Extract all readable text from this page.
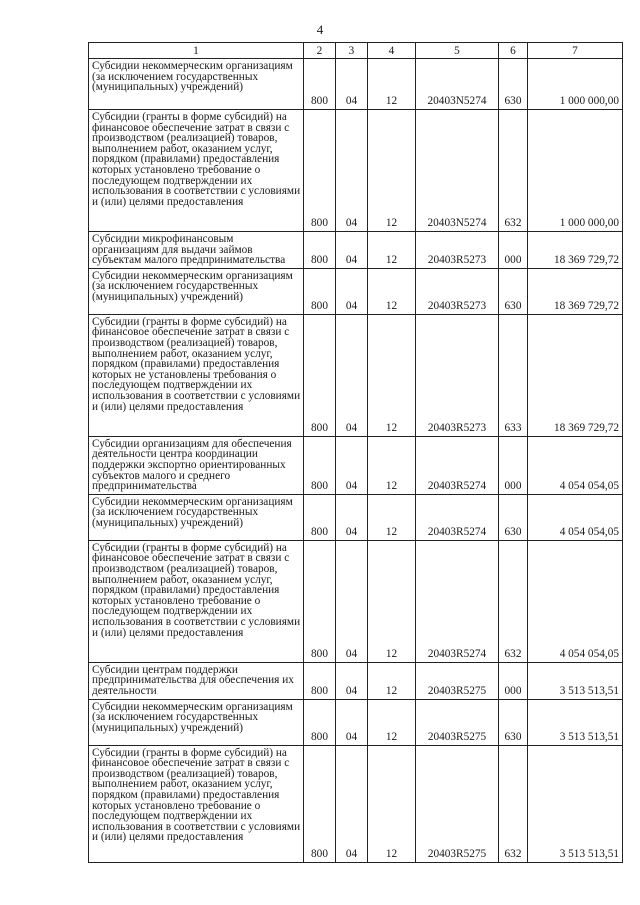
4
1	2	3	4	5	6	7
Субсидии некоммерческим организациям (за исключением государственных (муниципальных) учреждений)	800	04	12	20403N5274	630	1 000 000,00
Субсидии (гранты в форме субсидий) на финансовое обеспечение затрат в связи с производством (реализацией) товаров, выполнением работ, оказанием услуг, порядком (правилами) предоставления которых установлено требование о последующем подтверждении их использования в соответствии с условиями и (или) целями предоставления	800	04	12	20403N5274	632	1 000 000,00
Субсидии микрофинансовым организациям для выдачи займов субъектам малого предпринимательства	800	04	12	20403R5273	000	18 369 729,72
Субсидии некоммерческим организациям (за исключением государственных (муниципальных) учреждений)	800	04	12	20403R5273	630	18 369 729,72
Субсидии (гранты в форме субсидий) на финансовое обеспечение затрат в связи с производством (реализацией) товаров, выполнением работ, оказанием услуг, порядком (правилами) предоставления которых не установлены требования о последующем подтверждении их использования в соответствии с условиями и (или) целями предоставления	800	04	12	20403R5273	633	18 369 729,72
Субсидии организациям для обеспечения деятельности центра координации поддержки экспортно ориентированных субъектов малого и среднего предпринимательства	800	04	12	20403R5274	000	4 054 054,05
Субсидии некоммерческим организациям (за исключением государственных (муниципальных) учреждений)	800	04	12	20403R5274	630	4 054 054,05
Субсидии (гранты в форме субсидий) на финансовое обеспечение затрат в связи с производством (реализацией) товаров, выполнением работ, оказанием услуг, порядком (правилами) предоставления которых установлено требование о последующем подтверждении их использования в соответствии с условиями и (или) целями предоставления	800	04	12	20403R5274	632	4 054 054,05
Субсидии центрам поддержки предпринимательства для обеспечения их деятельности	800	04	12	20403R5275	000	3 513 513,51
Субсидии некоммерческим организациям (за исключением государственных (муниципальных) учреждений)	800	04	12	20403R5275	630	3 513 513,51
Субсидии (гранты в форме субсидий) на финансовое обеспечение затрат в связи с производством (реализацией) товаров, выполнением работ, оказанием услуг, порядком (правилами) предоставления которых установлено требование о последующем подтверждении их использования в соответствии с условиями и (или) целями предоставления	800	04	12	20403R5275	632	3 513 513,51
